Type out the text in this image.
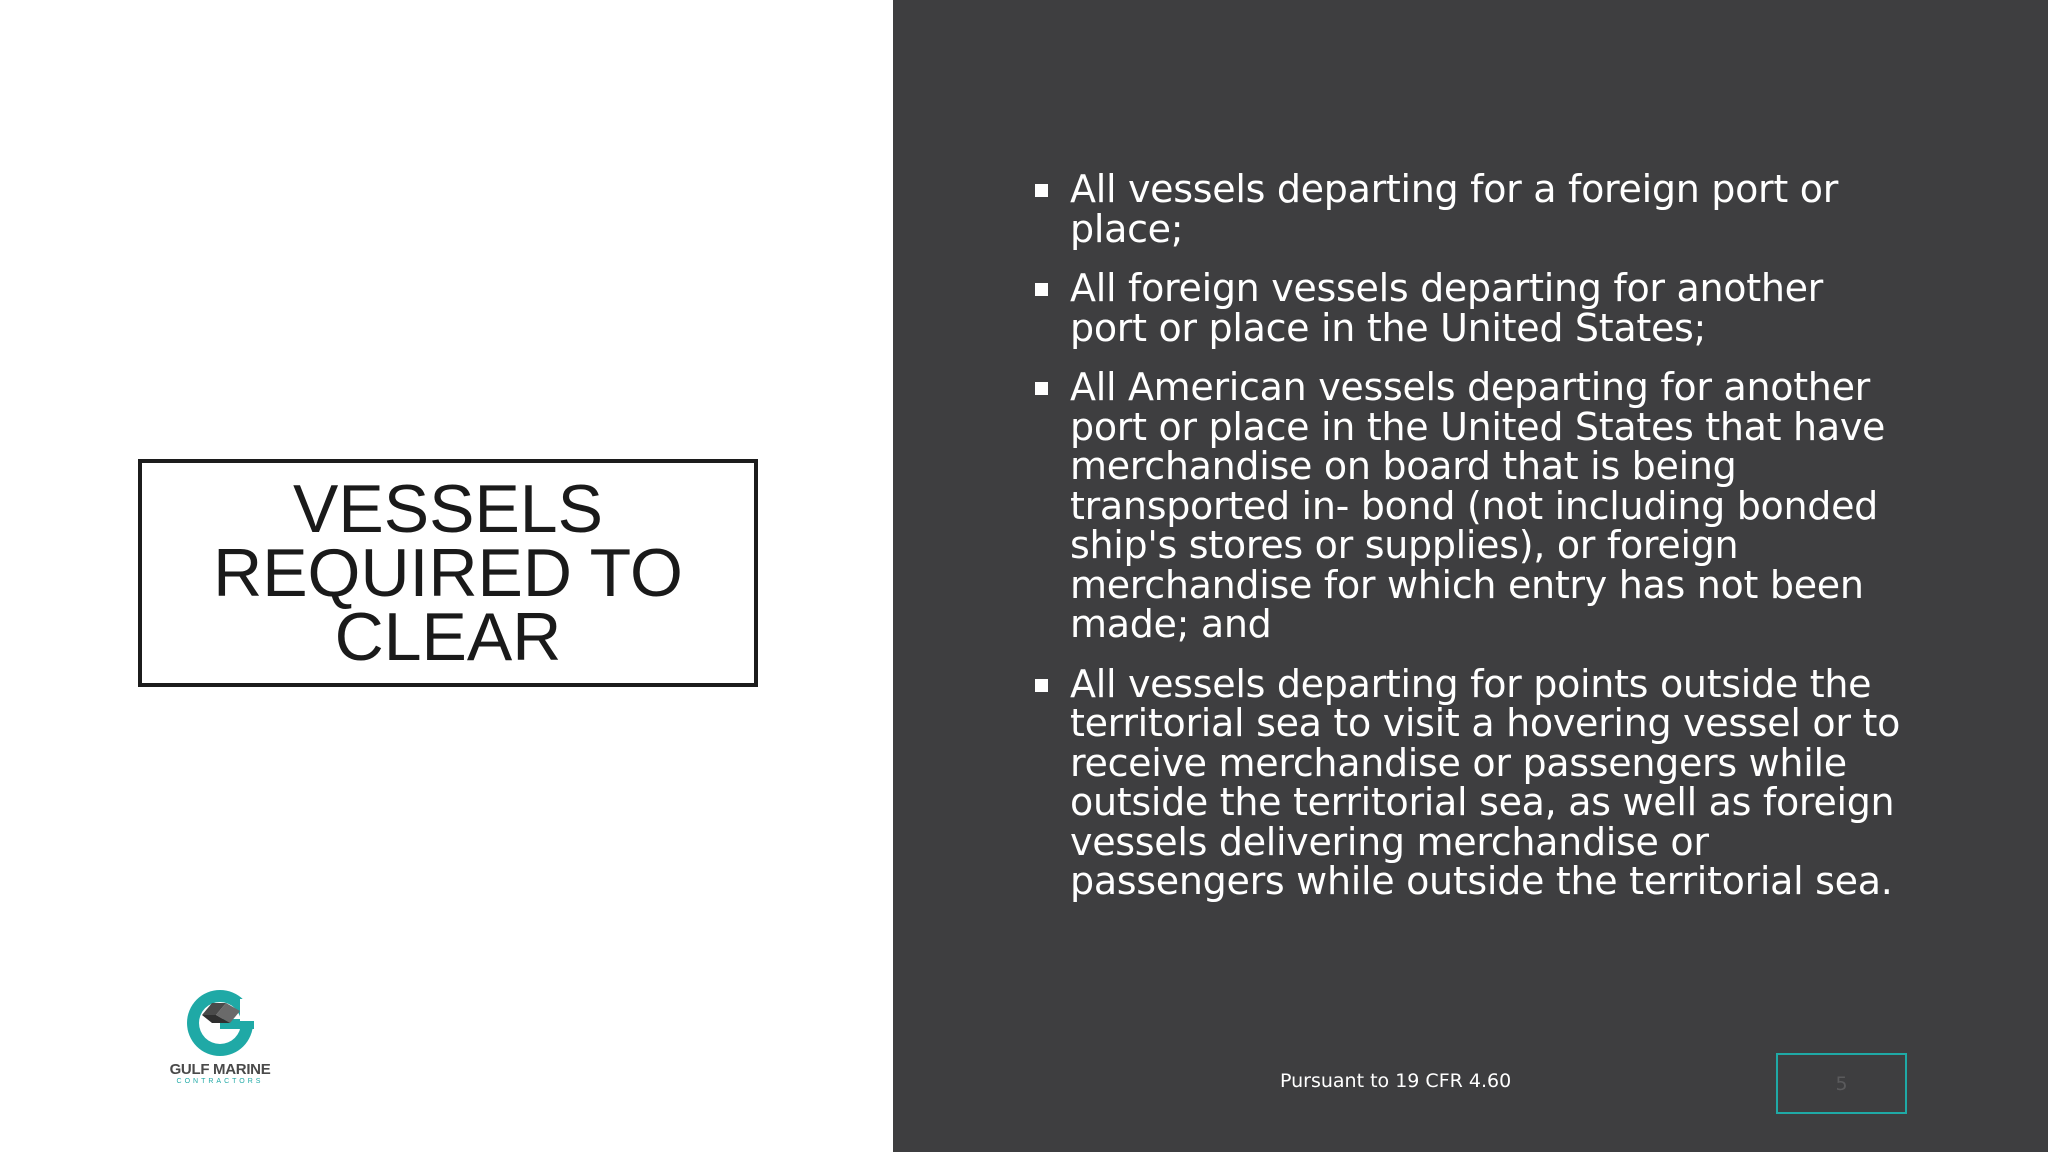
VESSELS
REQUIRED TO
CLEAR

GULF MARINE
CONTRACTORS
All vessels departing for a foreign port or place;
All foreign vessels departing for another port or place in the United States;
All American vessels departing for another port or place in the United States that have merchandise on board that is being transported in- bond (not including bonded ship's stores or supplies), or foreign merchandise for which entry has not been made; and
All vessels departing for points outside the territorial sea to visit a hovering vessel or to receive merchandise or passengers while outside the territorial sea, as well as foreign vessels delivering merchandise or passengers while outside the territorial sea.
Pursuant to 19 CFR 4.60	5
